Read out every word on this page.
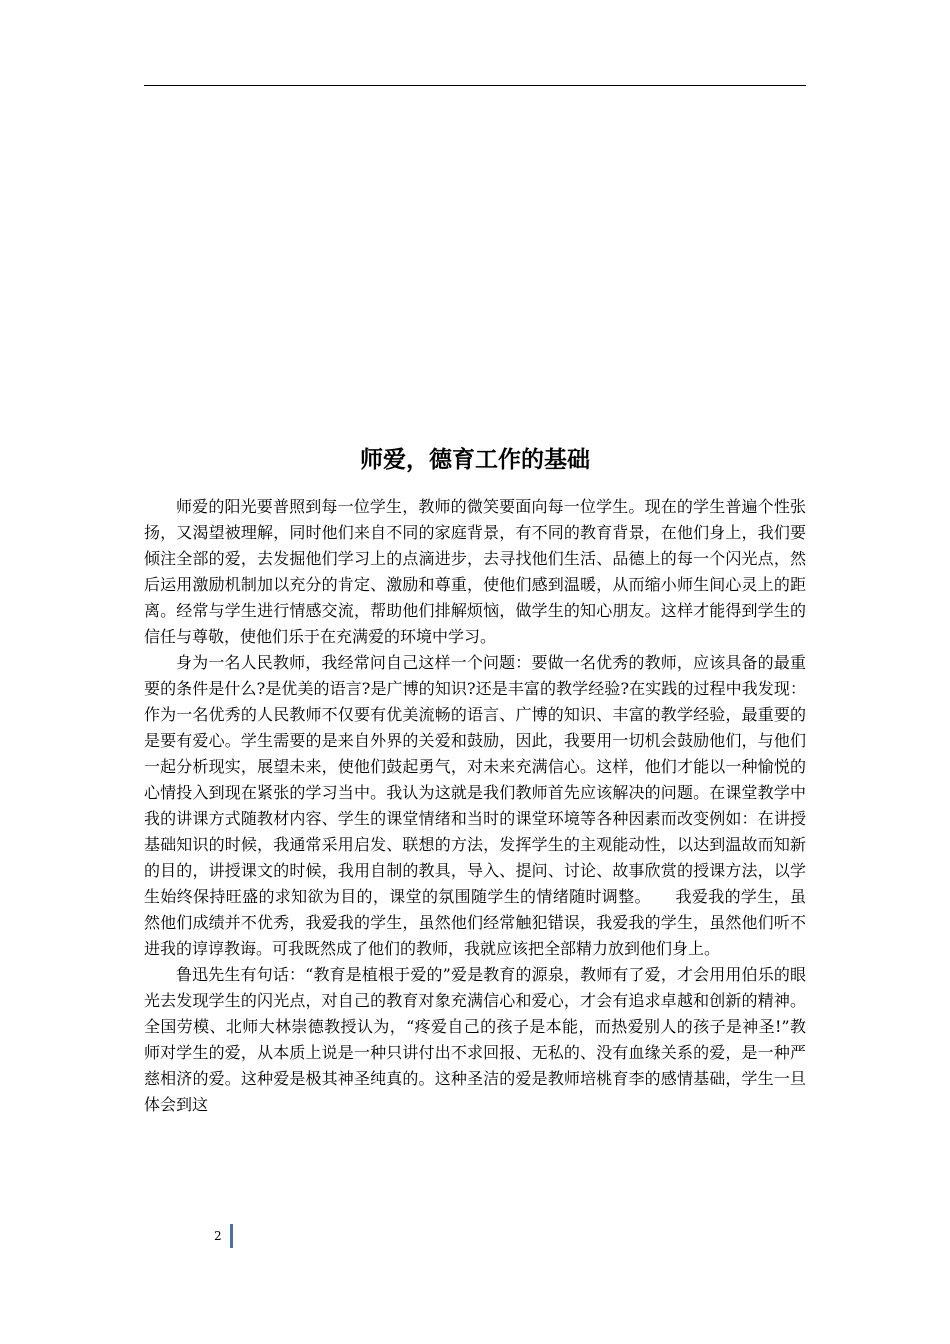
师爱，德育工作的基础

师爱的阳光要普照到每一位学生，教师的微笑要面向每一位学生。现在的学生普遍个性张扬，又渴望被理解，同时他们来自不同的家庭背景，有不同的教育背景，在他们身上，我们要倾注全部的爱，去发掘他们学习上的点滴进步，去寻找他们生活、品德上的每一个闪光点，然后运用激励机制加以充分的肯定、激励和尊重，使他们感到温暖，从而缩小师生间心灵上的距离。经常与学生进行情感交流，帮助他们排解烦恼，做学生的知心朋友。这样才能得到学生的信任与尊敬，使他们乐于在充满爱的环境中学习。

身为一名人民教师，我经常问自己这样一个问题：要做一名优秀的教师，应该具备的最重要的条件是什么?是优美的语言?是广博的知识?还是丰富的教学经验?在实践的过程中我发现：作为一名优秀的人民教师不仅要有优美流畅的语言、广博的知识、丰富的教学经验，最重要的是要有爱心。学生需要的是来自外界的关爱和鼓励，因此，我要用一切机会鼓励他们，与他们一起分析现实，展望未来，使他们鼓起勇气，对未来充满信心。这样，他们才能以一种愉悦的心情投入到现在紧张的学习当中。我认为这就是我们教师首先应该解决的问题。在课堂教学中我的讲课方式随教材内容、学生的课堂情绪和当时的课堂环境等各种因素而改变例如：在讲授基础知识的时候，我通常采用启发、联想的方法，发挥学生的主观能动性，以达到温故而知新的目的，讲授课文的时候，我用自制的教具，导入、提问、讨论、故事欣赏的授课方法，以学生始终保持旺盛的求知欲为目的，课堂的氛围随学生的情绪随时调整。　　我爱我的学生，虽然他们成绩并不优秀，我爱我的学生，虽然他们经常触犯错误，我爱我的学生，虽然他们听不进我的谆谆教诲。可我既然成了他们的教师，我就应该把全部精力放到他们身上。

鲁迅先生有句话：“教育是植根于爱的”爱是教育的源泉，教师有了爱，才会用用伯乐的眼光去发现学生的闪光点，对自己的教育对象充满信心和爱心，才会有追求卓越和创新的精神。全国劳模、北师大林崇德教授认为，“疼爱自己的孩子是本能，而热爱别人的孩子是神圣!”教师对学生的爱，从本质上说是一种只讲付出不求回报、无私的、没有血缘关系的爱，是一种严慈相济的爱。这种爱是极其神圣纯真的。这种圣洁的爱是教师培桃育李的感情基础，学生一旦体会到这

2
